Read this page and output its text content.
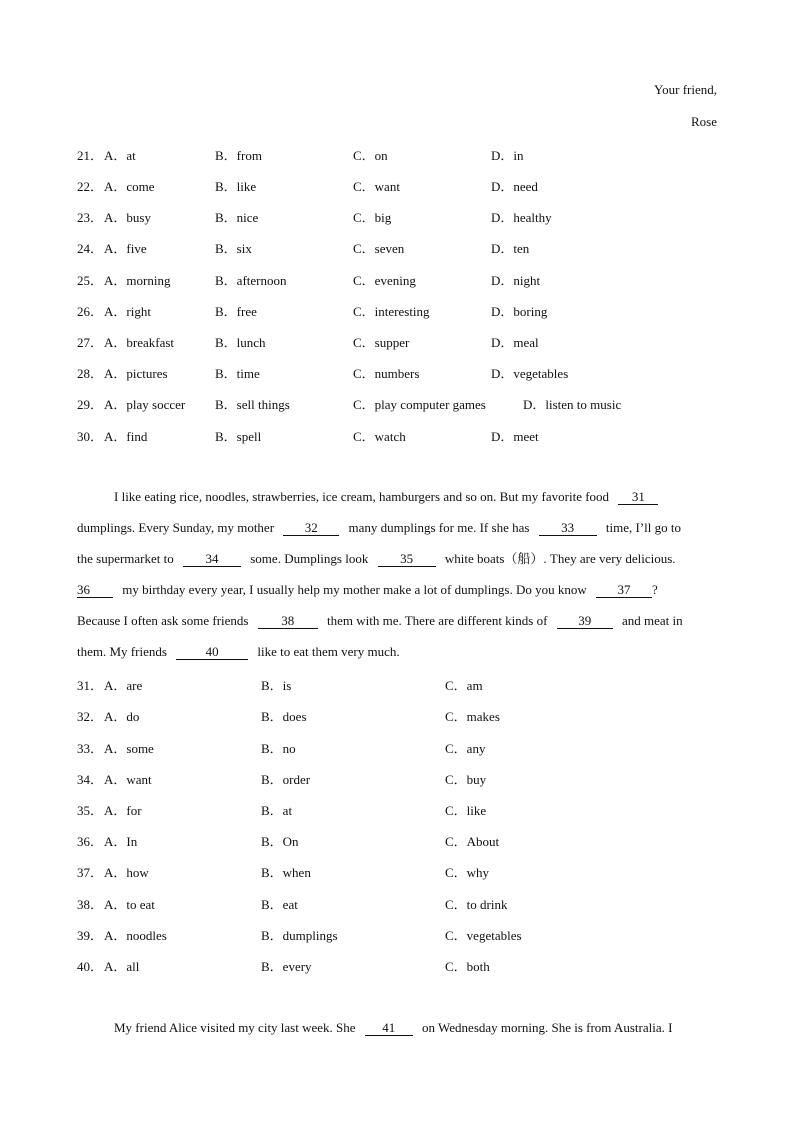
Your friend,
Rose
21． A．at	B．from	C．on	D．in
22． A．come	B．like	C．want	D．need
23． A．busy	B．nice	C．big	D．healthy
24． A．five	B．six	C．seven	D．ten
25． A．morning	B．afternoon	C．evening	D．night
26． A．right	B．free	C．interesting	D．boring
27． A．breakfast	B．lunch	C．supper	D．meal
28． A．pictures	B．time	C．numbers	D．vegetables
29． A．play soccer B．sell things	C．play computer games	D．listen to music
30． A．find	B．spell	C．watch	D．meet
I like eating rice, noodles, strawberries, ice cream, hamburgers and so on. But my favorite food 31
dumplings. Every Sunday, my mother 32 many dumplings for me. If she has 33 time, I’ll go to
the supermarket to 34 some. Dumplings look 35 white boats（船）. They are very delicious.
36 my birthday every year, I usually help my mother make a lot of dumplings. Do you know 37 ?
Because I often ask some friends	38	them with me. There are different kinds of 39 and meat in
them. My friends	40	like to eat them very much.
31． A．are	B．is	C．am
32． A．do	B．does	C．makes
33． A．some	B．no	C．any
34． A．want	B．order	C．buy
35． A．for	B．at	C．like
36． A．In	B．On	C．About
37． A．how	B．when	C．why
38． A．to eat	B．eat	C．to drink
39． A．noodles	B．dumplings	C．vegetables
40． A．all	B．every	C．both
My friend Alice visited my city last week. She 41 on Wednesday morning. She is from Australia. I
